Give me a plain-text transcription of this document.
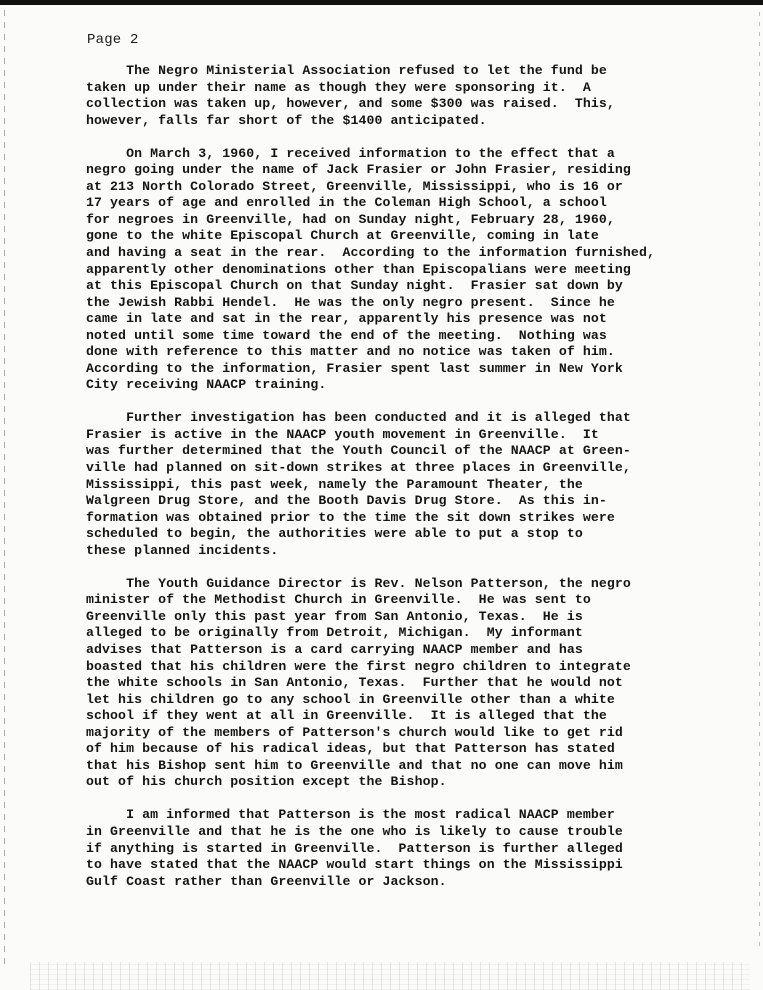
Page 2
The Negro Ministerial Association refused to let the fund be
taken up under their name as though they were sponsoring it.  A
collection was taken up, however, and some $300 was raised.  This,
however, falls far short of the $1400 anticipated.
On March 3, 1960, I received information to the effect that a
negro going under the name of Jack Frasier or John Frasier, residing
at 213 North Colorado Street, Greenville, Mississippi, who is 16 or
17 years of age and enrolled in the Coleman High School, a school
for negroes in Greenville, had on Sunday night, February 28, 1960,
gone to the white Episcopal Church at Greenville, coming in late
and having a seat in the rear.  According to the information furnished,
apparently other denominations other than Episcopalians were meeting
at this Episcopal Church on that Sunday night.  Frasier sat down by
the Jewish Rabbi Hendel.  He was the only negro present.  Since he
came in late and sat in the rear, apparently his presence was not
noted until some time toward the end of the meeting.  Nothing was
done with reference to this matter and no notice was taken of him.
According to the information, Frasier spent last summer in New York
City receiving NAACP training.
Further investigation has been conducted and it is alleged that
Frasier is active in the NAACP youth movement in Greenville.  It
was further determined that the Youth Council of the NAACP at Green-
ville had planned on sit-down strikes at three places in Greenville,
Mississippi, this past week, namely the Paramount Theater, the
Walgreen Drug Store, and the Booth Davis Drug Store.  As this in-
formation was obtained prior to the time the sit down strikes were
scheduled to begin, the authorities were able to put a stop to
these planned incidents.
The Youth Guidance Director is Rev. Nelson Patterson, the negro
minister of the Methodist Church in Greenville.  He was sent to
Greenville only this past year from San Antonio, Texas.  He is
alleged to be originally from Detroit, Michigan.  My informant
advises that Patterson is a card carrying NAACP member and has
boasted that his children were the first negro children to integrate
the white schools in San Antonio, Texas.  Further that he would not
let his children go to any school in Greenville other than a white
school if they went at all in Greenville.  It is alleged that the
majority of the members of Patterson's church would like to get rid
of him because of his radical ideas, but that Patterson has stated
that his Bishop sent him to Greenville and that no one can move him
out of his church position except the Bishop.
I am informed that Patterson is the most radical NAACP member
in Greenville and that he is the one who is likely to cause trouble
if anything is started in Greenville.  Patterson is further alleged
to have stated that the NAACP would start things on the Mississippi
Gulf Coast rather than Greenville or Jackson.
